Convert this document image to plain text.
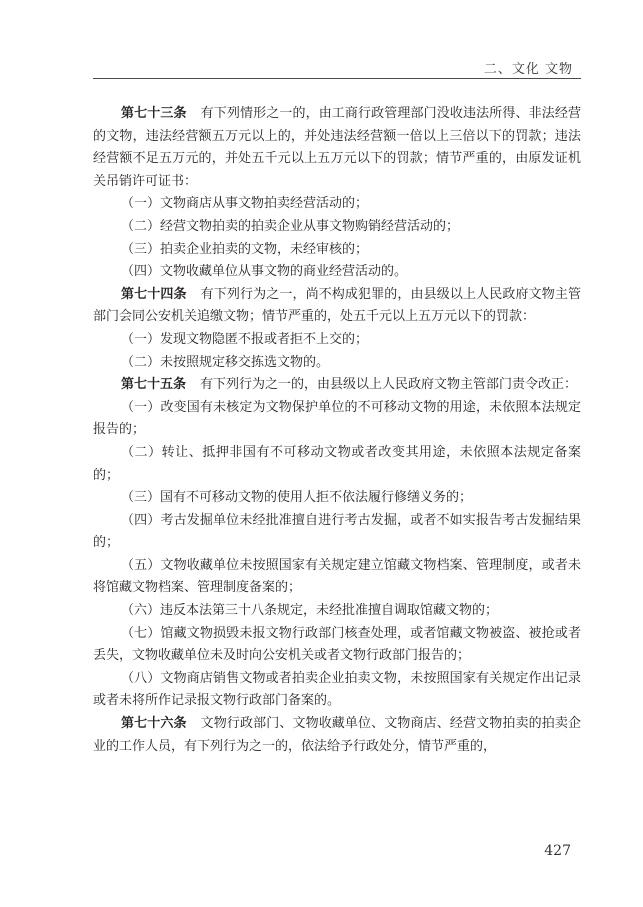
二、文化 文物

第七十三条 有下列情形之一的，由工商行政管理部门没收违法所得、非法经营的文物，违法经营额五万元以上的，并处违法经营额一倍以上三倍以下的罚款；违法经营额不足五万元的，并处五千元以上五万元以下的罚款；情节严重的，由原发证机关吊销许可证书：

（一）文物商店从事文物拍卖经营活动的；

（二）经营文物拍卖的拍卖企业从事文物购销经营活动的；

（三）拍卖企业拍卖的文物，未经审核的；

（四）文物收藏单位从事文物的商业经营活动的。

第七十四条 有下列行为之一，尚不构成犯罪的，由县级以上人民政府文物主管部门会同公安机关追缴文物；情节严重的，处五千元以上五万元以下的罚款：

（一）发现文物隐匿不报或者拒不上交的；

（二）未按照规定移交拣选文物的。

第七十五条 有下列行为之一的，由县级以上人民政府文物主管部门责令改正：

（一）改变国有未核定为文物保护单位的不可移动文物的用途，未依照本法规定报告的；

（二）转让、抵押非国有不可移动文物或者改变其用途，未依照本法规定备案的；

（三）国有不可移动文物的使用人拒不依法履行修缮义务的；

（四）考古发掘单位未经批准擅自进行考古发掘，或者不如实报告考古发掘结果的；

（五）文物收藏单位未按照国家有关规定建立馆藏文物档案、管理制度，或者未将馆藏文物档案、管理制度备案的；

（六）违反本法第三十八条规定，未经批准擅自调取馆藏文物的；

（七）馆藏文物损毁未报文物行政部门核查处理，或者馆藏文物被盗、被抢或者丢失，文物收藏单位未及时向公安机关或者文物行政部门报告的；

（八）文物商店销售文物或者拍卖企业拍卖文物，未按照国家有关规定作出记录或者未将所作记录报文物行政部门备案的。

第七十六条 文物行政部门、文物收藏单位、文物商店、经营文物拍卖的拍卖企业的工作人员，有下列行为之一的，依法给予行政处分，情节严重的，

427
